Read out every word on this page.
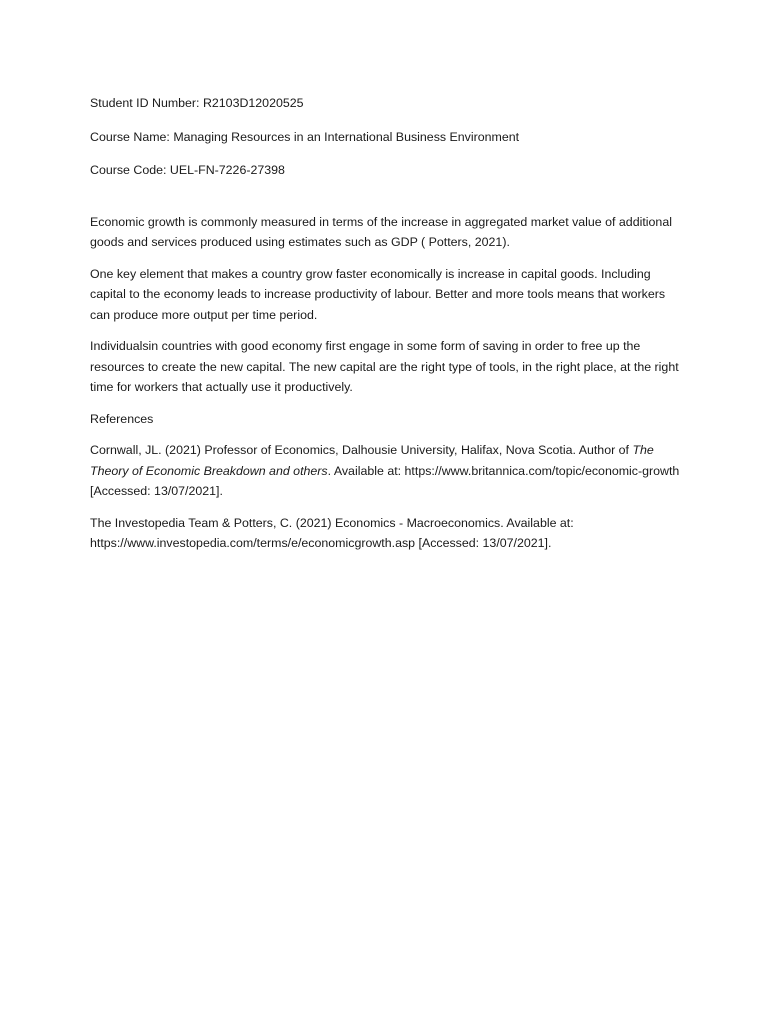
Student ID Number: R2103D12020525
Course Name: Managing Resources in an International Business Environment
Course Code: UEL-FN-7226-27398

Economic growth is commonly measured in terms of the increase in aggregated market value of additional goods and services produced using estimates such as GDP ( Potters, 2021).

One key element that makes a country grow faster economically is increase in capital goods. Including capital to the economy leads to increase productivity of labour. Better and more tools means that workers can produce more output per time period.

Individualsin countries with good economy first engage in some form of saving in order to free up the resources to create the new capital. The new capital are the right type of tools, in the right place, at the right time for workers that actually use it productively.

References

Cornwall, JL. (2021) Professor of Economics, Dalhousie University, Halifax, Nova Scotia. Author of The Theory of Economic Breakdown and others. Available at: https://www.britannica.com/topic/economic-growth [Accessed: 13/07/2021].

The Investopedia Team & Potters, C. (2021) Economics - Macroeconomics. Available at: https://www.investopedia.com/terms/e/economicgrowth.asp [Accessed: 13/07/2021].
